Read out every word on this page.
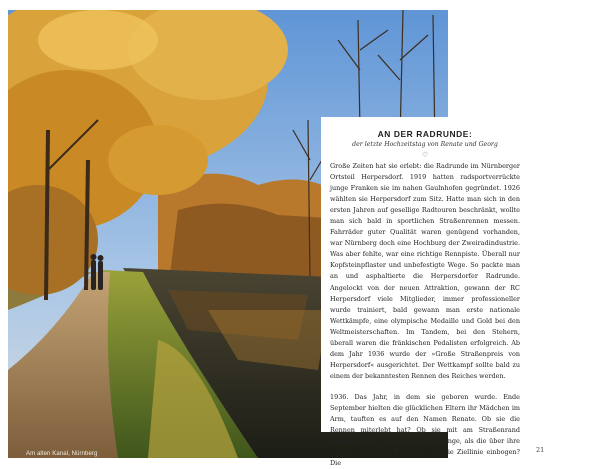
Am alten Kanal, Nürnberg
AN DER RADRUNDE:
der letzte Hochzeitstag von Renate und Georg
♡

Große Zeiten hat sie erlebt: die Radrunde im Nürnberger Ortsteil Herpersdorf. 1919 hatten radsportverrückte junge Franken sie im nahen Gaulnhofen gegründet. 1926 wählten sie Herpersdorf zum Sitz. Hatte man sich in den ersten Jahren auf gesellige Radtouren beschränkt, wollte man sich bald in sportlichen Straßenrennen messen. Fahrräder guter Qualität waren genügend vorhanden, war Nürnberg doch eine Hochburg der Zweiradindustrie. Was aber fehlte, war eine richtige Rennpiste. Überall nur Kopfsteinpflaster und unbefestigte Wege. So packte man an und asphaltierte die Herpersdorfer Radrunde. Angelockt von der neuen Attraktion, gewann der RC Herpersdorf viele Mitglieder, immer professioneller wurde trainiert, bald gewann man erste nationale Wettkämpfe, eine olympische Medaille und Gold bei den Weltmeisterschaften. Im Tandem, bei den Stehern, überall waren die fränkischen Pedalisten erfolgreich. Ab dem Jahr 1936 wurde der »Große Straßenpreis von Herpersdorf« ausgerichtet. Der Wettkampf sollte bald zu einem der bekanntesten Rennen des Reiches werden.

1936. Das Jahr, in dem sie geboren wurde. Ende September hielten die glücklichen Eltern ihr Mädchen im Arm, tauften es auf den Namen Renate. Ob sie die Rennen miterlebt hat? Ob sie mit am Straßenrand gestanden hat, im jubelnden Gedränge, als die über ihre Lenker gebeugten Radfahrer auf die Ziellinie einbogen? Die

21
